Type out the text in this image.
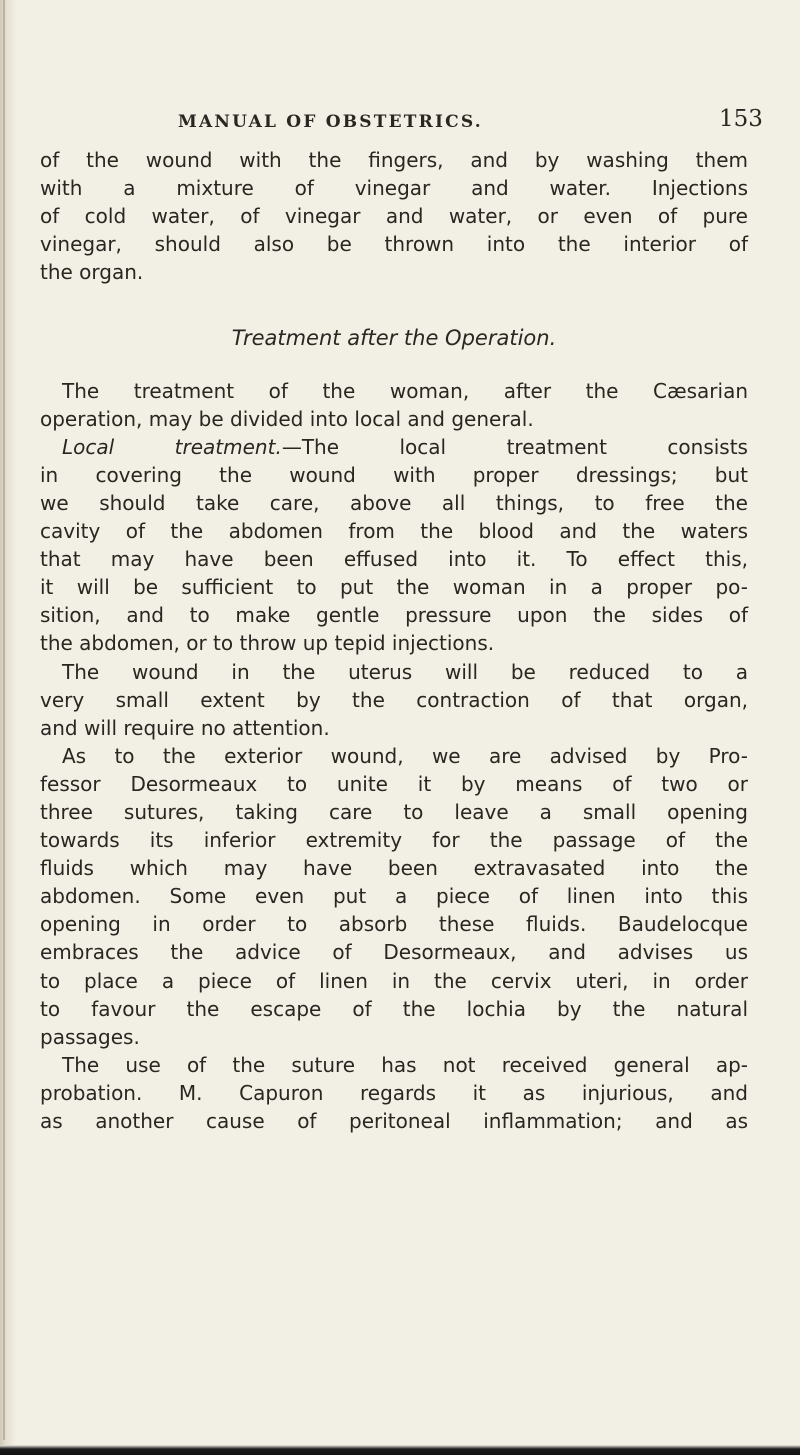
MANUAL OF OBSTETRICS.	153
of the wound with the fingers, and by washing them
with a mixture of vinegar and water. Injections
of cold water, of vinegar and water, or even of pure
vinegar, should also be thrown into the interior of
the organ.
Treatment after the Operation.
The treatment of the woman, after the Cæsarian
operation, may be divided into local and general.
Local treatment.—The local treatment consists
in covering the wound with proper dressings; but
we should take care, above all things, to free the
cavity of the abdomen from the blood and the waters
that may have been effused into it. To effect this,
it will be sufficient to put the woman in a proper po-
sition, and to make gentle pressure upon the sides of
the abdomen, or to throw up tepid injections.
The wound in the uterus will be reduced to a
very small extent by the contraction of that organ,
and will require no attention.
As to the exterior wound, we are advised by Pro-
fessor Desormeaux to unite it by means of two or
three sutures, taking care to leave a small opening
towards its inferior extremity for the passage of the
fluids which may have been extravasated into the
abdomen. Some even put a piece of linen into this
opening in order to absorb these fluids. Baudelocque
embraces the advice of Desormeaux, and advises us
to place a piece of linen in the cervix uteri, in order
to favour the escape of the lochia by the natural
passages.
The use of the suture has not received general ap-
probation. M. Capuron regards it as injurious, and
as another cause of peritoneal inflammation; and as
